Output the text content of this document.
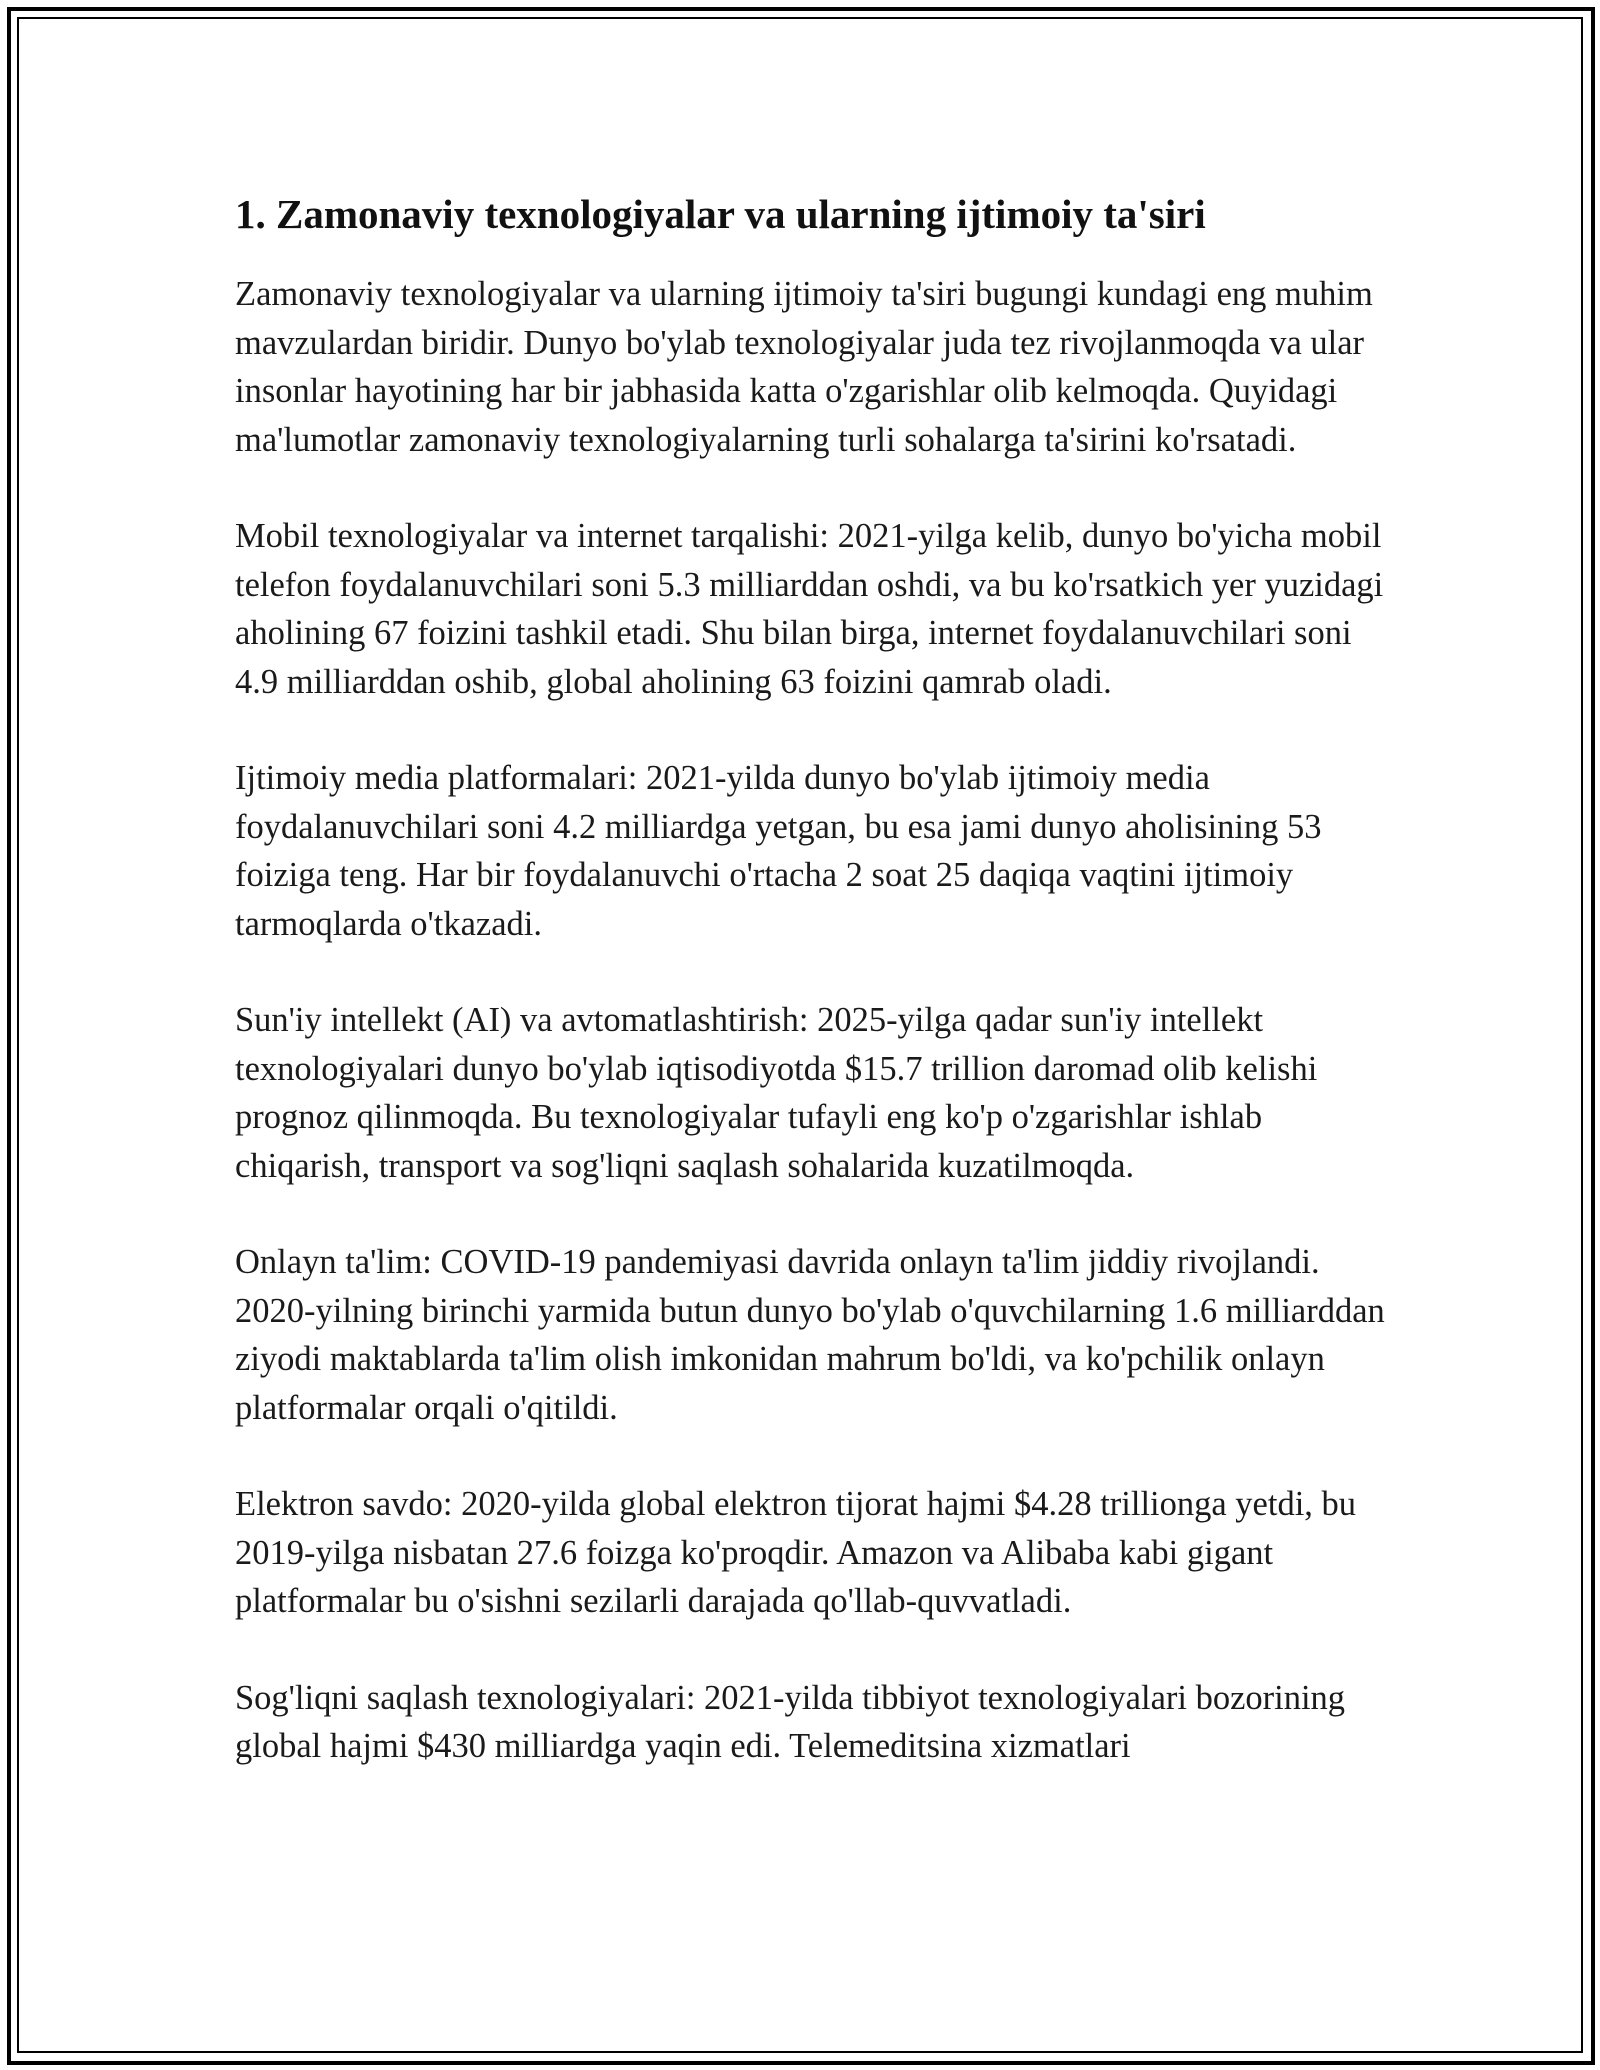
1. Zamonaviy texnologiyalar va ularning ijtimoiy ta'siri

Zamonaviy texnologiyalar va ularning ijtimoiy ta'siri bugungi kundagi eng muhim mavzulardan biridir. Dunyo bo'ylab texnologiyalar juda tez rivojlanmoqda va ular insonlar hayotining har bir jabhasida katta o'zgarishlar olib kelmoqda. Quyidagi ma'lumotlar zamonaviy texnologiyalarning turli sohalarga ta'sirini ko'rsatadi.

Mobil texnologiyalar va internet tarqalishi: 2021-yilga kelib, dunyo bo'yicha mobil telefon foydalanuvchilari soni 5.3 milliarddan oshdi, va bu ko'rsatkich yer yuzidagi aholining 67 foizini tashkil etadi. Shu bilan birga, internet foydalanuvchilari soni 4.9 milliarddan oshib, global aholining 63 foizini qamrab oladi.

Ijtimoiy media platformalari: 2021-yilda dunyo bo'ylab ijtimoiy media foydalanuvchilari soni 4.2 milliardga yetgan, bu esa jami dunyo aholisining 53 foiziga teng. Har bir foydalanuvchi o'rtacha 2 soat 25 daqiqa vaqtini ijtimoiy tarmoqlarda o'tkazadi.

Sun'iy intellekt (AI) va avtomatlashtirish: 2025-yilga qadar sun'iy intellekt texnologiyalari dunyo bo'ylab iqtisodiyotda $15.7 trillion daromad olib kelishi prognoz qilinmoqda. Bu texnologiyalar tufayli eng ko'p o'zgarishlar ishlab chiqarish, transport va sog'liqni saqlash sohalarida kuzatilmoqda.

Onlayn ta'lim: COVID-19 pandemiyasi davrida onlayn ta'lim jiddiy rivojlandi. 2020-yilning birinchi yarmida butun dunyo bo'ylab o'quvchilarning 1.6 milliarddan ziyodi maktablarda ta'lim olish imkonidan mahrum bo'ldi, va ko'pchilik onlayn platformalar orqali o'qitildi.

Elektron savdo: 2020-yilda global elektron tijorat hajmi $4.28 trillionga yetdi, bu 2019-yilga nisbatan 27.6 foizga ko'proqdir. Amazon va Alibaba kabi gigant platformalar bu o'sishni sezilarli darajada qo'llab-quvvatladi.

Sog'liqni saqlash texnologiyalari: 2021-yilda tibbiyot texnologiyalari bozorining global hajmi $430 milliardga yaqin edi. Telemeditsina xizmatlari
